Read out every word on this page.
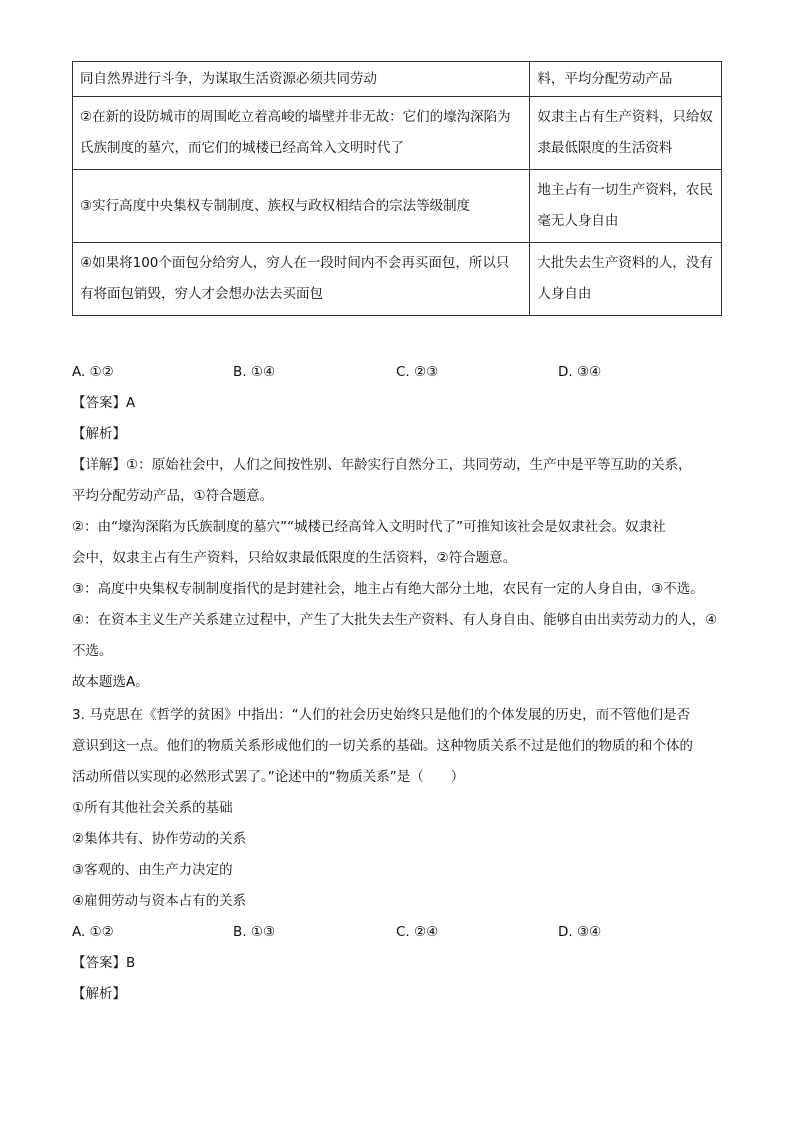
同自然界进行斗争，为谋取生活资源必须共同劳动	料，平均分配劳动产品
②在新的设防城市的周围屹立着高峻的墙壁并非无故：它们的壕沟深陷为氏族制度的墓穴，而它们的城楼已经高耸入文明时代了	奴隶主占有生产资料，只给奴隶最低限度的生活资料
③实行高度中央集权专制制度、族权与政权相结合的宗法等级制度	地主占有一切生产资料，农民毫无人身自由
④如果将100个面包分给穷人，穷人在一段时间内不会再买面包，所以只有将面包销毁，穷人才会想办法去买面包	大批失去生产资料的人，没有人身自由
A. ①②	B. ①④	C. ②③	D. ③④
【答案】A
【解析】
【详解】①：原始社会中，人们之间按性别、年龄实行自然分工，共同劳动，生产中是平等互助的关系，
平均分配劳动产品，①符合题意。
②：由“壕沟深陷为氏族制度的墓穴”“城楼已经高耸入文明时代了”可推知该社会是奴隶社会。奴隶社
会中，奴隶主占有生产资料，只给奴隶最低限度的生活资料，②符合题意。
③：高度中央集权专制制度指代的是封建社会，地主占有绝大部分土地，农民有一定的人身自由，③不选。
④：在资本主义生产关系建立过程中，产生了大批失去生产资料、有人身自由、能够自由出卖劳动力的人，④
不选。
故本题选A。
3. 马克思在《哲学的贫困》中指出：“人们的社会历史始终只是他们的个体发展的历史，而不管他们是否
意识到这一点。他们的物质关系形成他们的一切关系的基础。这种物质关系不过是他们的物质的和个体的
活动所借以实现的必然形式罢了。”论述中的“物质关系”是（　　）
①所有其他社会关系的基础
②集体共有、协作劳动的关系
③客观的、由生产力决定的
④雇佣劳动与资本占有的关系
A. ①②	B. ①③	C. ②④	D. ③④
【答案】B
【解析】
